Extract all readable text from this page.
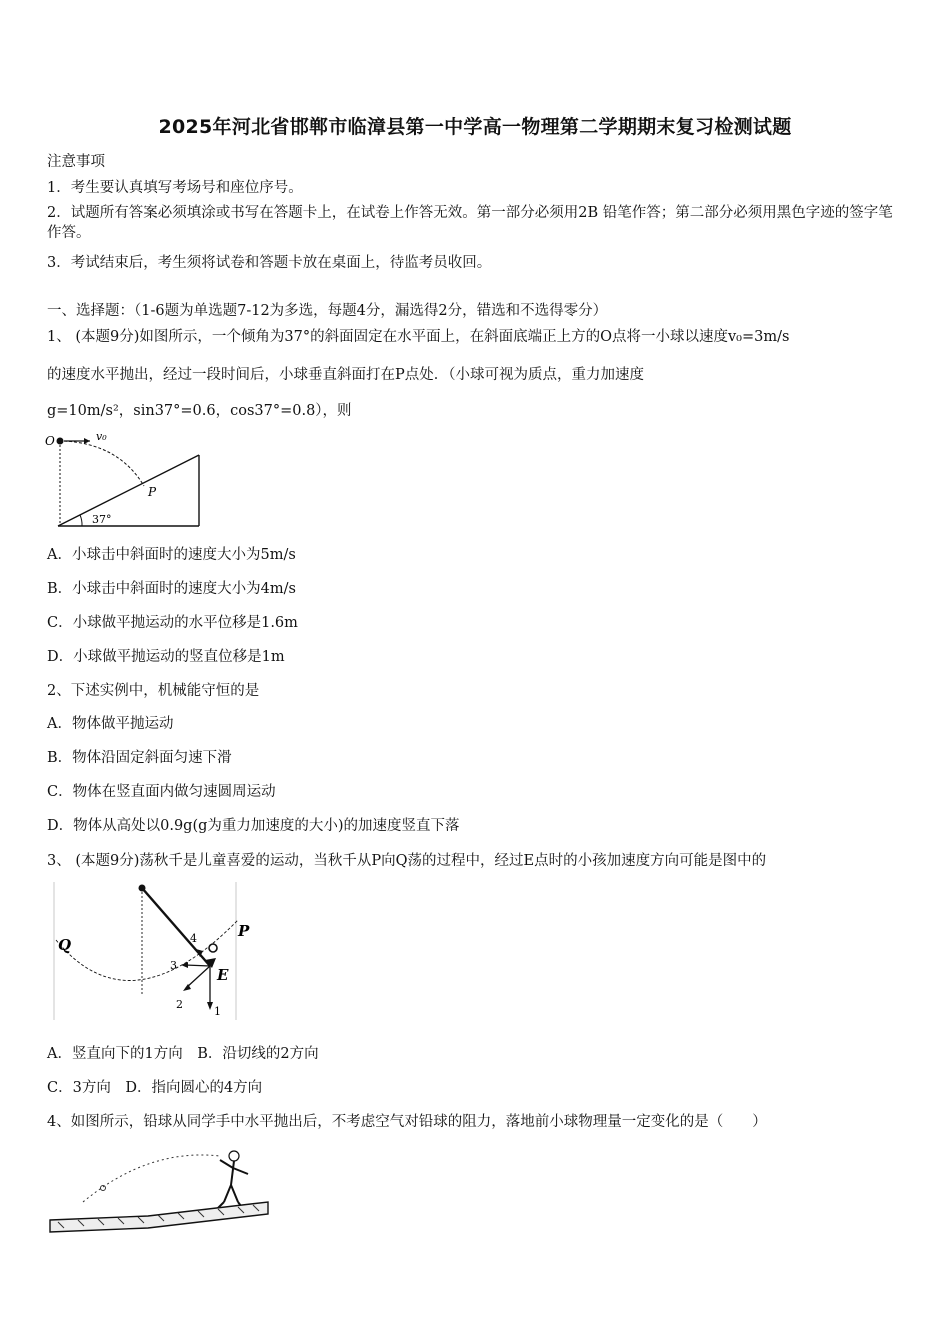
2025年河北省邯郸市临漳县第一中学高一物理第二学期期末复习检测试题
注意事项
1．考生要认真填写考场号和座位序号。
2．试题所有答案必须填涂或书写在答题卡上，在试卷上作答无效。第一部分必须用2B 铅笔作答；第二部分必须用黑色字迹的签字笔作答。
3．考试结束后，考生须将试卷和答题卡放在桌面上，待监考员收回。
一、选择题：（1-6题为单选题7-12为多选，每题4分，漏选得2分，错选和不选得零分）
1、 (本题9分)如图所示，一个倾角为37°的斜面固定在水平面上，在斜面底端正上方的O点将一小球以速度v₀=3m/s
的速度水平抛出，经过一段时间后，小球垂直斜面打在P点处．（小球可视为质点，重力加速度
g=10m/s²，sin37°=0.6，cos37°=0.8），则
O	v₀
P
37°
A．小球击中斜面时的速度大小为5m/s
B．小球击中斜面时的速度大小为4m/s
C．小球做平抛运动的水平位移是1.6m
D．小球做平抛运动的竖直位移是1m
2、下述实例中，机械能守恒的是
A．物体做平抛运动
B．物体沿固定斜面匀速下滑
C．物体在竖直面内做匀速圆周运动
D．物体从高处以0.9g(g为重力加速度的大小)的加速度竖直下落
3、 (本题9分)荡秋千是儿童喜爱的运动，当秋千从P向Q荡的过程中，经过E点时的小孩加速度方向可能是图中的
Q
P
E
1
2
3
4
A．竖直向下的1方向　B．沿切线的2方向
C．3方向　D．指向圆心的4方向
4、如图所示，铅球从同学手中水平抛出后，不考虑空气对铅球的阻力，落地前小球物理量一定变化的是（　　）
